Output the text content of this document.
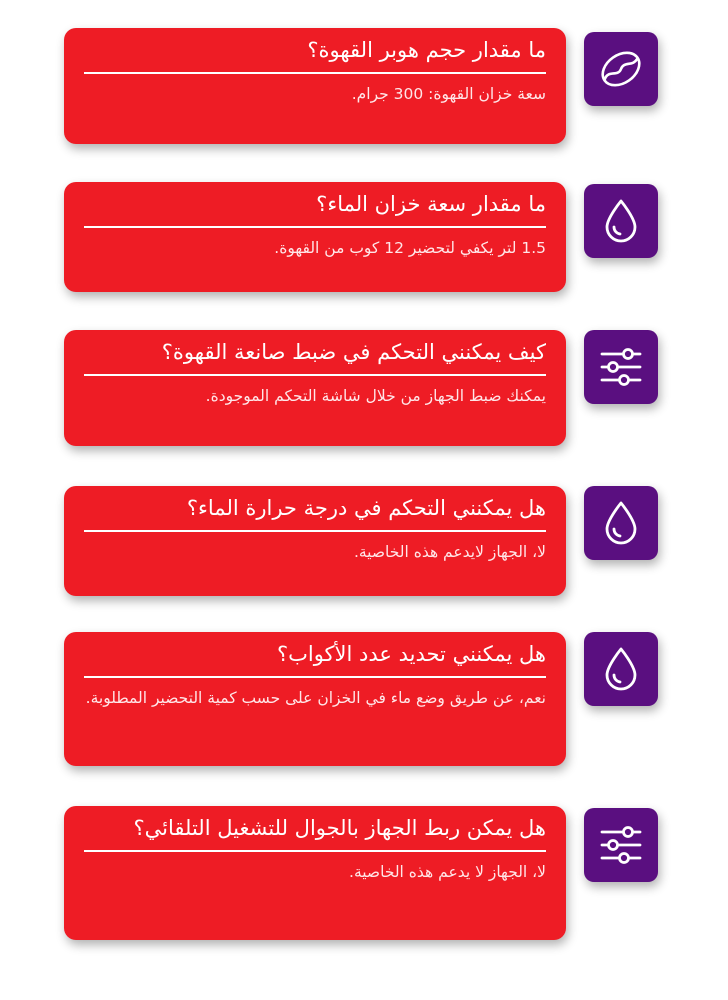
ما مقدار حجم هوبر القهوة؟

سعة خزان القهوة: 300 جرام.

ما مقدار سعة خزان الماء؟

1.5 لتر يكفي لتحضير 12 كوب من القهوة.

كيف يمكنني التحكم في ضبط صانعة القهوة؟

يمكنك ضبط الجهاز من خلال شاشة التحكم الموجودة.

هل يمكنني التحكم في درجة حرارة الماء؟

لا، الجهاز لايدعم هذه الخاصية.

هل يمكنني تحديد عدد الأكواب؟

نعم، عن طريق وضع ماء في الخزان على حسب كمية التحضير المطلوبة.

هل يمكن ربط الجهاز بالجوال للتشغيل التلقائي؟

لا، الجهاز لا يدعم هذه الخاصية.
